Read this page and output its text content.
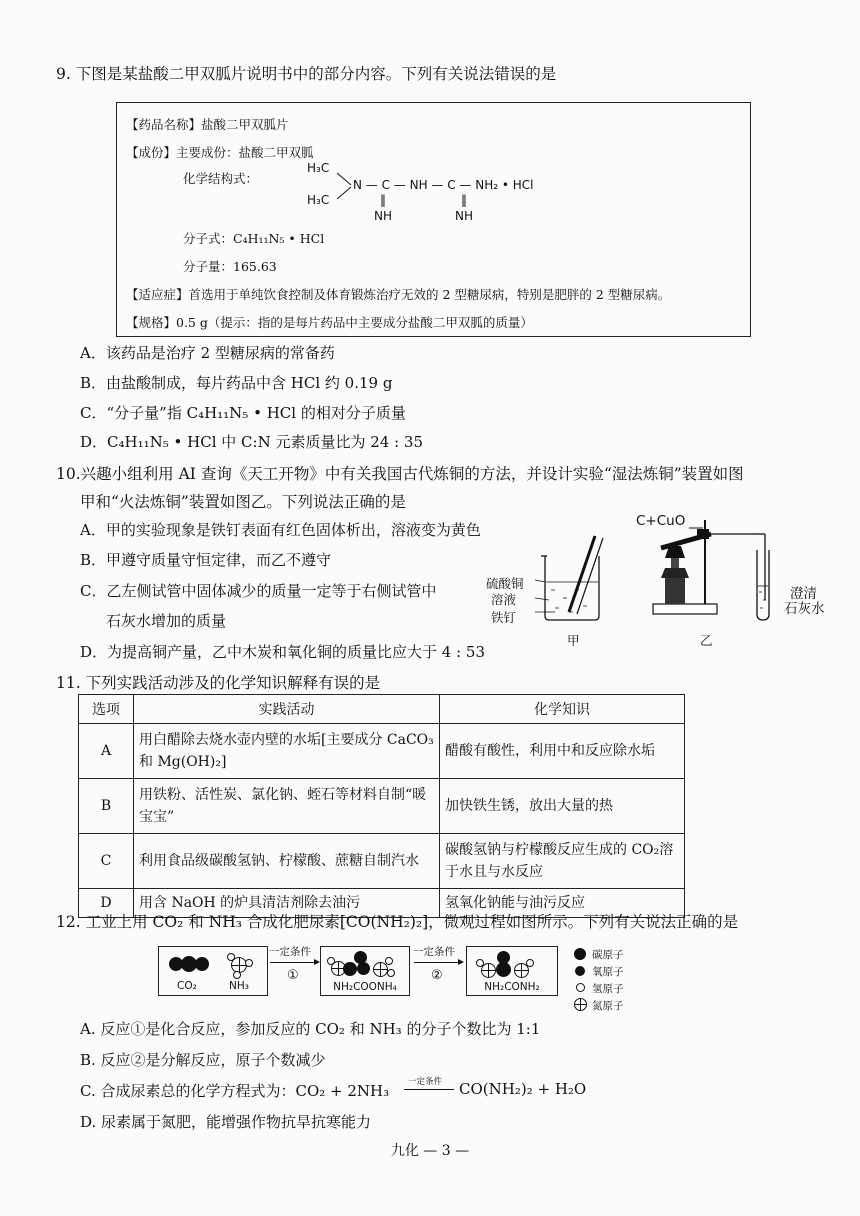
9. 下图是某盐酸二甲双胍片说明书中的部分内容。下列有关说法错误的是
【药品名称】盐酸二甲双胍片
【成份】主要成份：盐酸二甲双胍
化学结构式：
H₃C
H₃C
N — C — NH — C — NH₂ • HCl
‖	‖
NH	NH
分子式：C₄H₁₁N₅ • HCl
分子量：165.63
【适应症】首选用于单纯饮食控制及体育锻炼治疗无效的 2 型糖尿病，特别是肥胖的 2 型糖尿病。
【规格】0.5 g（提示：指的是每片药品中主要成分盐酸二甲双胍的质量）
A．该药品是治疗 2 型糖尿病的常备药
B．由盐酸制成，每片药品中含 HCl 约 0.19 g
C．“分子量”指 C₄H₁₁N₅ • HCl 的相对分子质量
D．C₄H₁₁N₅ • HCl 中 C:N 元素质量比为 24 : 35
10.兴趣小组利用 AI 查询《天工开物》中有关我国古代炼铜的方法，并设计实验“湿法炼铜”装置如图
甲和“火法炼铜”装置如图乙。下列说法正确的是
A．甲的实验现象是铁钉表面有红色固体析出，溶液变为黄色
B．甲遵守质量守恒定律，而乙不遵守
C．乙左侧试管中固体减少的质量一定等于右侧试管中
石灰水增加的质量
D．为提高铜产量，乙中木炭和氧化铜的质量比应大于 4 : 53
硫酸铜
溶液
铁钉
C+CuO
澄清
石灰水
甲	乙
11. 下列实践活动涉及的化学知识解释有误的是
选项	实践活动	化学知识
A	用白醋除去烧水壶内壁的水垢[主要成分 CaCO₃和 Mg(OH)₂]	醋酸有酸性，利用中和反应除水垢

B	用铁粉、活性炭、氯化钠、蛭石等材料自制“暖宝宝”	加快铁生锈，放出大量的热

C	利用食品级碳酸氢钠、柠檬酸、蔗糖自制汽水	碳酸氢钠与柠檬酸反应生成的 CO₂溶于水且与水反应

D	用含 NaOH 的炉具清洁剂除去油污	氢氧化钠能与油污反应
12. 工业上用 CO₂ 和 NH₃ 合成化肥尿素[CO(NH₂)₂]，微观过程如图所示。下列有关说法正确的是
CO₂	NH₃
一定条件
①
NH₂COONH₄
一定条件
②
NH₂CONH₂
碳原子
氧原子
氢原子
氮原子
A. 反应①是化合反应，参加反应的 CO₂ 和 NH₃ 的分子个数比为 1:1
B. 反应②是分解反应，原子个数减少
C. 合成尿素总的化学方程式为：CO₂ + 2NH₃ 一定条件 CO(NH₂)₂ + H₂O
D. 尿素属于氮肥，能增强作物抗旱抗寒能力
九化 — 3 —
